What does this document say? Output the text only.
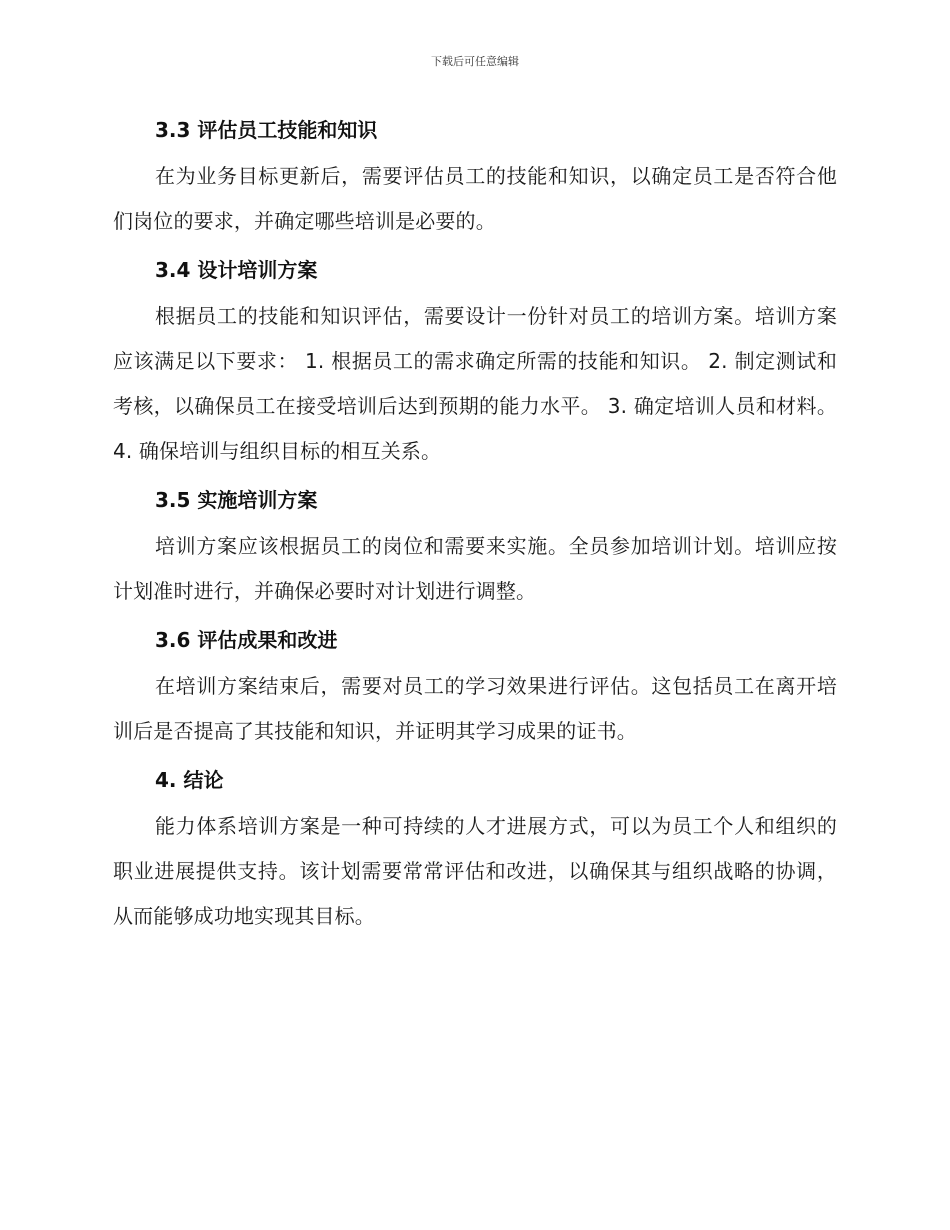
下载后可任意编辑
3.3 评估员工技能和知识

在为业务目标更新后，需要评估员工的技能和知识，以确定员工是否符合他们岗位的要求，并确定哪些培训是必要的。

3.4 设计培训方案

根据员工的技能和知识评估，需要设计一份针对员工的培训方案。培训方案应该满足以下要求： 1. 根据员工的需求确定所需的技能和知识。 2. 制定测试和考核，以确保员工在接受培训后达到预期的能力水平。 3. 确定培训人员和材料。 4. 确保培训与组织目标的相互关系。

3.5 实施培训方案

培训方案应该根据员工的岗位和需要来实施。全员参加培训计划。培训应按计划准时进行，并确保必要时对计划进行调整。

3.6 评估成果和改进

在培训方案结束后，需要对员工的学习效果进行评估。这包括员工在离开培训后是否提高了其技能和知识，并证明其学习成果的证书。

4. 结论

能力体系培训方案是一种可持续的人才进展方式，可以为员工个人和组织的职业进展提供支持。该计划需要常常评估和改进，以确保其与组织战略的协调，从而能够成功地实现其目标。
